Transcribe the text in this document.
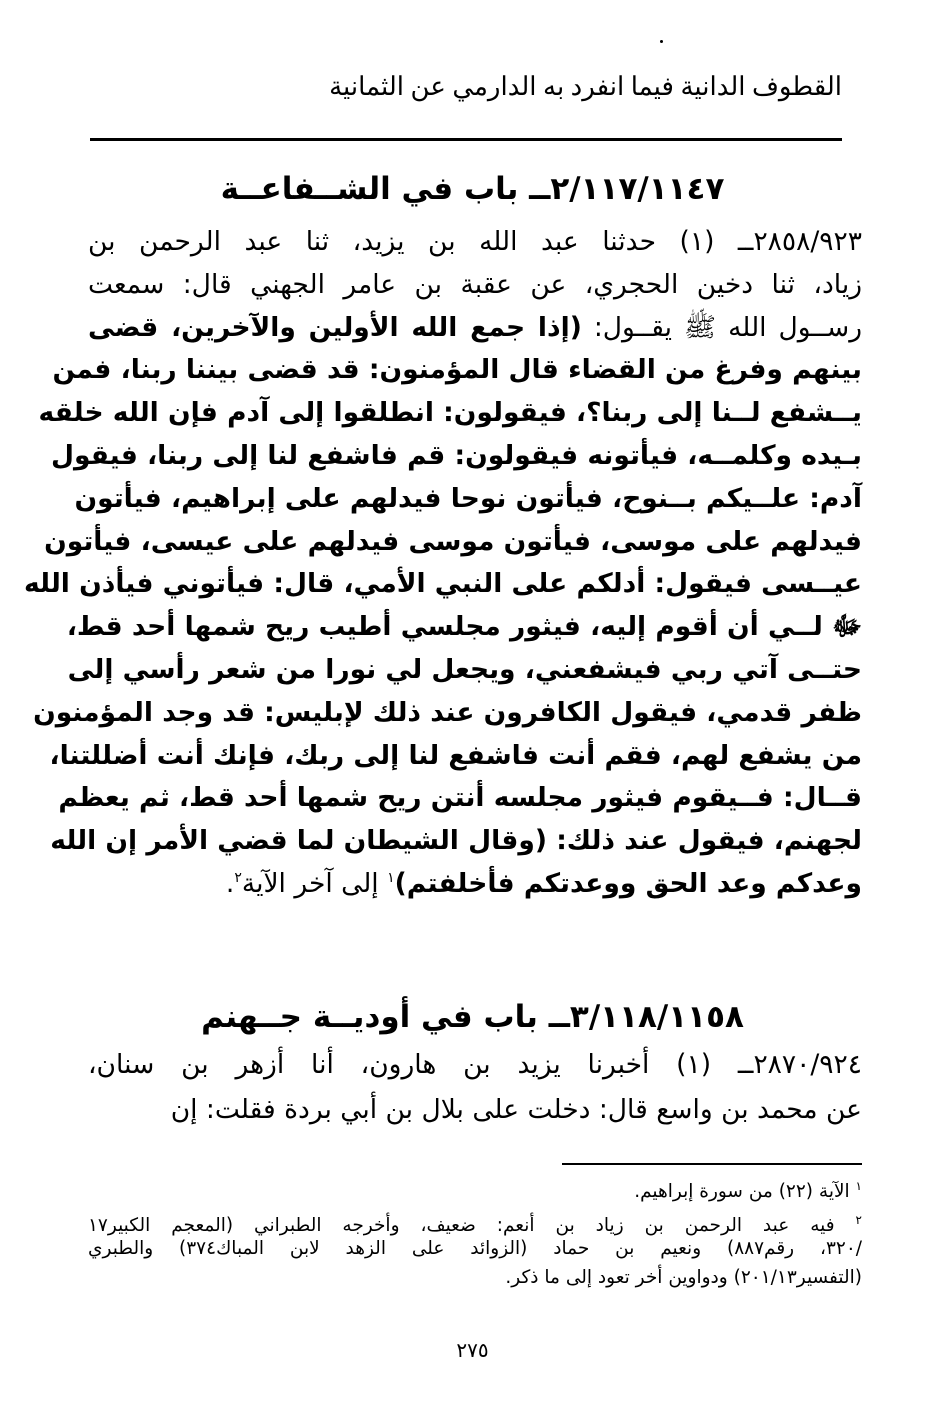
القطوف الدانية فيما انفرد به الدارمي عن الثمانية
٢/١١٧/١١٤٧ــ باب في الشــفاعــة
٢٨٥٨/٩٢٣ــ (١) حدثنا عبد الله بن يزيد، ثنا عبد الرحمن بن
زياد، ثنا دخين الحجري، عن عقبة بن عامر الجهني قال: سمعت
رســول الله ﷺ يقــول: (إذا جمع الله الأولين والآخرين، قضى
بينهم وفرغ من القضاء قال المؤمنون: قد قضى بيننا ربنا، فمن
يــشفع لــنا إلى ربنا؟، فيقولون: انطلقوا إلى آدم فإن الله خلقه
بـيده وكلمــه، فيأتونه فيقولون: قم فاشفع لنا إلى ربنا، فيقول
آدم: علــيكم بــنوح، فيأتون نوحا فيدلهم على إبراهيم، فيأتون
فيدلهم على موسى، فيأتون موسى فيدلهم على عيسى، فيأتون
عيــسى فيقول: أدلكم على النبي الأمي، قال: فيأتوني فيأذن الله
ﷻ لــي أن أقوم إليه، فيثور مجلسي أطيب ريح شمها أحد قط،
حتــى آتي ربي فيشفعني، ويجعل لي نورا من شعر رأسي إلى
ظفر قدمي، فيقول الكافرون عند ذلك لإبليس: قد وجد المؤمنون
من يشفع لهم، فقم أنت فاشفع لنا إلى ربك، فإنك أنت أضللتنا،
قــال: فــيقوم فيثور مجلسه أنتن ريح شمها أحد قط، ثم يعظم
لجهنم، فيقول عند ذلك: (وقال الشيطان لما قضي الأمر إن الله
وعدكم وعد الحق ووعدتكم فأخلفتم)$^١$ إلى آخر الآية$^٢$.
٣/١١٨/١١٥٨ــ باب في أوديــة جــهنم
٢٨٧٠/٩٢٤ــ (١) أخبرنا يزيد بن هارون، أنا أزهر بن سنان،
عن محمد بن واسع قال: دخلت على بلال بن أبي بردة فقلت: إن
$^١$ الآية (٢٢) من سورة إبراهيم.
$^٢$ فيه عبد الرحمن بن زياد بن أنعم: ضعيف، وأخرجه الطبراني (المعجم الكبير١٧
/٣٢٠، رقم٨٨٧) ونعيم بن حماد (الزوائد على الزهد لابن المباك٣٧٤) والطبري
(التفسير٢٠١/١٣) ودواوين أخر تعود إلى ما ذكر.
٢٧٥
